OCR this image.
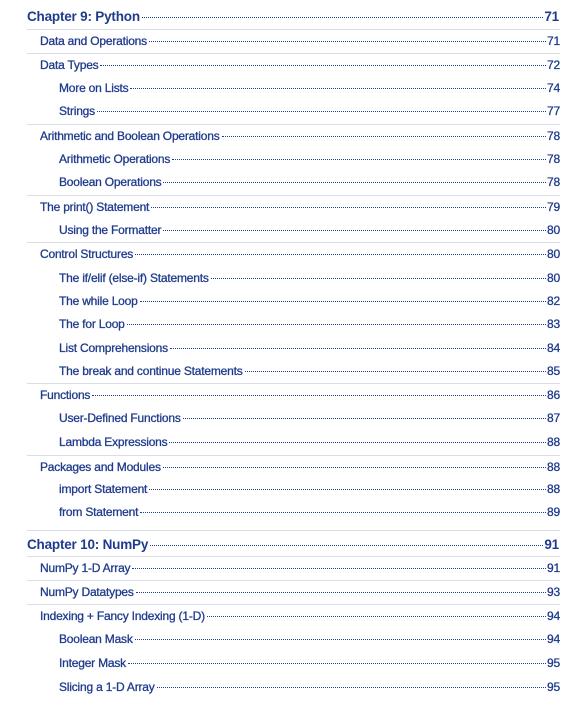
Chapter 9: Python	71
Data and Operations	71
Data Types	72
More on Lists	74
Strings	77
Arithmetic and Boolean Operations	78
Arithmetic Operations	78
Boolean Operations	78
The print() Statement	79
Using the Formatter	80
Control Structures	80
The if/elif (else-if) Statements	80
The while Loop	82
The for Loop	83
List Comprehensions	84
The break and continue Statements	85
Functions	86
User-Defined Functions	87
Lambda Expressions	88
Packages and Modules	88
import Statement	88
from Statement	89
Chapter 10: NumPy	91
NumPy 1-D Array	91
NumPy Datatypes	93
Indexing + Fancy Indexing (1-D)	94
Boolean Mask	94
Integer Mask	95
Slicing a 1-D Array	95
